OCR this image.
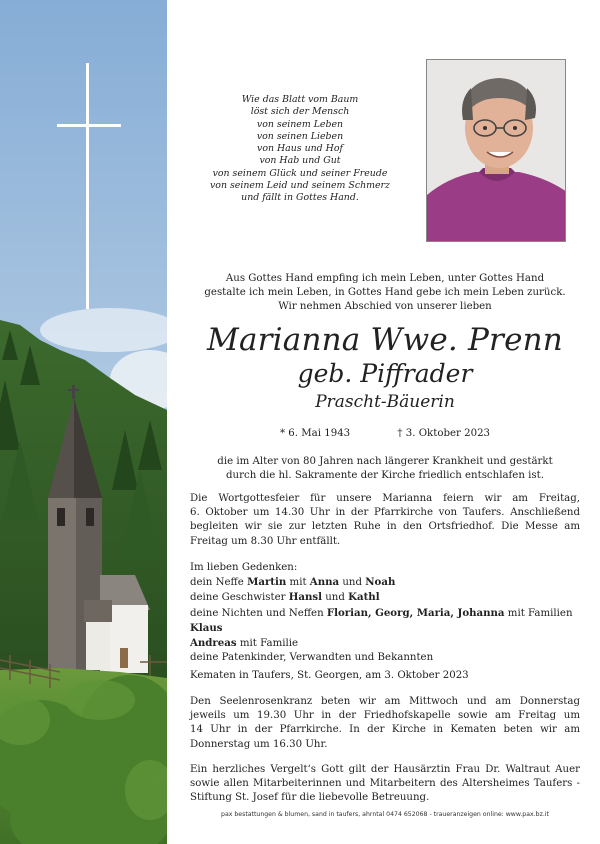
Wie das Blatt vom Baum
löst sich der Mensch
von seinem Leben
von seinen Lieben
von Haus und Hof
von Hab und Gut
von seinem Glück und seiner Freude
von seinem Leid und seinem Schmerz
und fällt in Gottes Hand.
Aus Gottes Hand empfing ich mein Leben, unter Gottes Hand
gestalte ich mein Leben, in Gottes Hand gebe ich mein Leben zurück.
Wir nehmen Abschied von unserer lieben
Marianna Wwe. Prenn
geb. Piffrader
Prascht-Bäuerin
* 6. Mai 1943	† 3. Oktober 2023
die im Alter von 80 Jahren nach längerer Krankheit und gestärkt
durch die hl. Sakramente der Kirche friedlich entschlafen ist.
Die Wortgottesfeier für unsere Marianna feiern wir am Freitag,
6. Oktober um 14.30 Uhr in der Pfarrkirche von Taufers. Anschließend
begleiten wir sie zur letzten Ruhe in den Ortsfriedhof. Die Messe am
Freitag um 8.30 Uhr entfällt.
Im lieben Gedenken:
dein Neffe Martin mit Anna und Noah
deine Geschwister Hansl und Kathl
deine Nichten und Neffen Florian, Georg, Maria, Johanna mit Familien
Klaus
Andreas mit Familie
deine Patenkinder, Verwandten und Bekannten
Kematen in Taufers, St. Georgen, am 3. Oktober 2023
Den Seelenrosenkranz beten wir am Mittwoch und am Donnerstag
jeweils um 19.30 Uhr in der Friedhofskapelle sowie am Freitag um
14 Uhr in der Pfarrkirche. In der Kirche in Kematen beten wir am
Donnerstag um 16.30 Uhr.
Ein herzliches Vergelt‘s Gott gilt der Hausärztin Frau Dr. Waltraut Auer
sowie allen Mitarbeiterinnen und Mitarbeitern des Altersheimes Taufers -
Stiftung St. Josef für die liebevolle Betreuung.
pax bestattungen & blumen, sand in taufers, ahrntal 0474 652068 - traueranzeigen online: www.pax.bz.it
